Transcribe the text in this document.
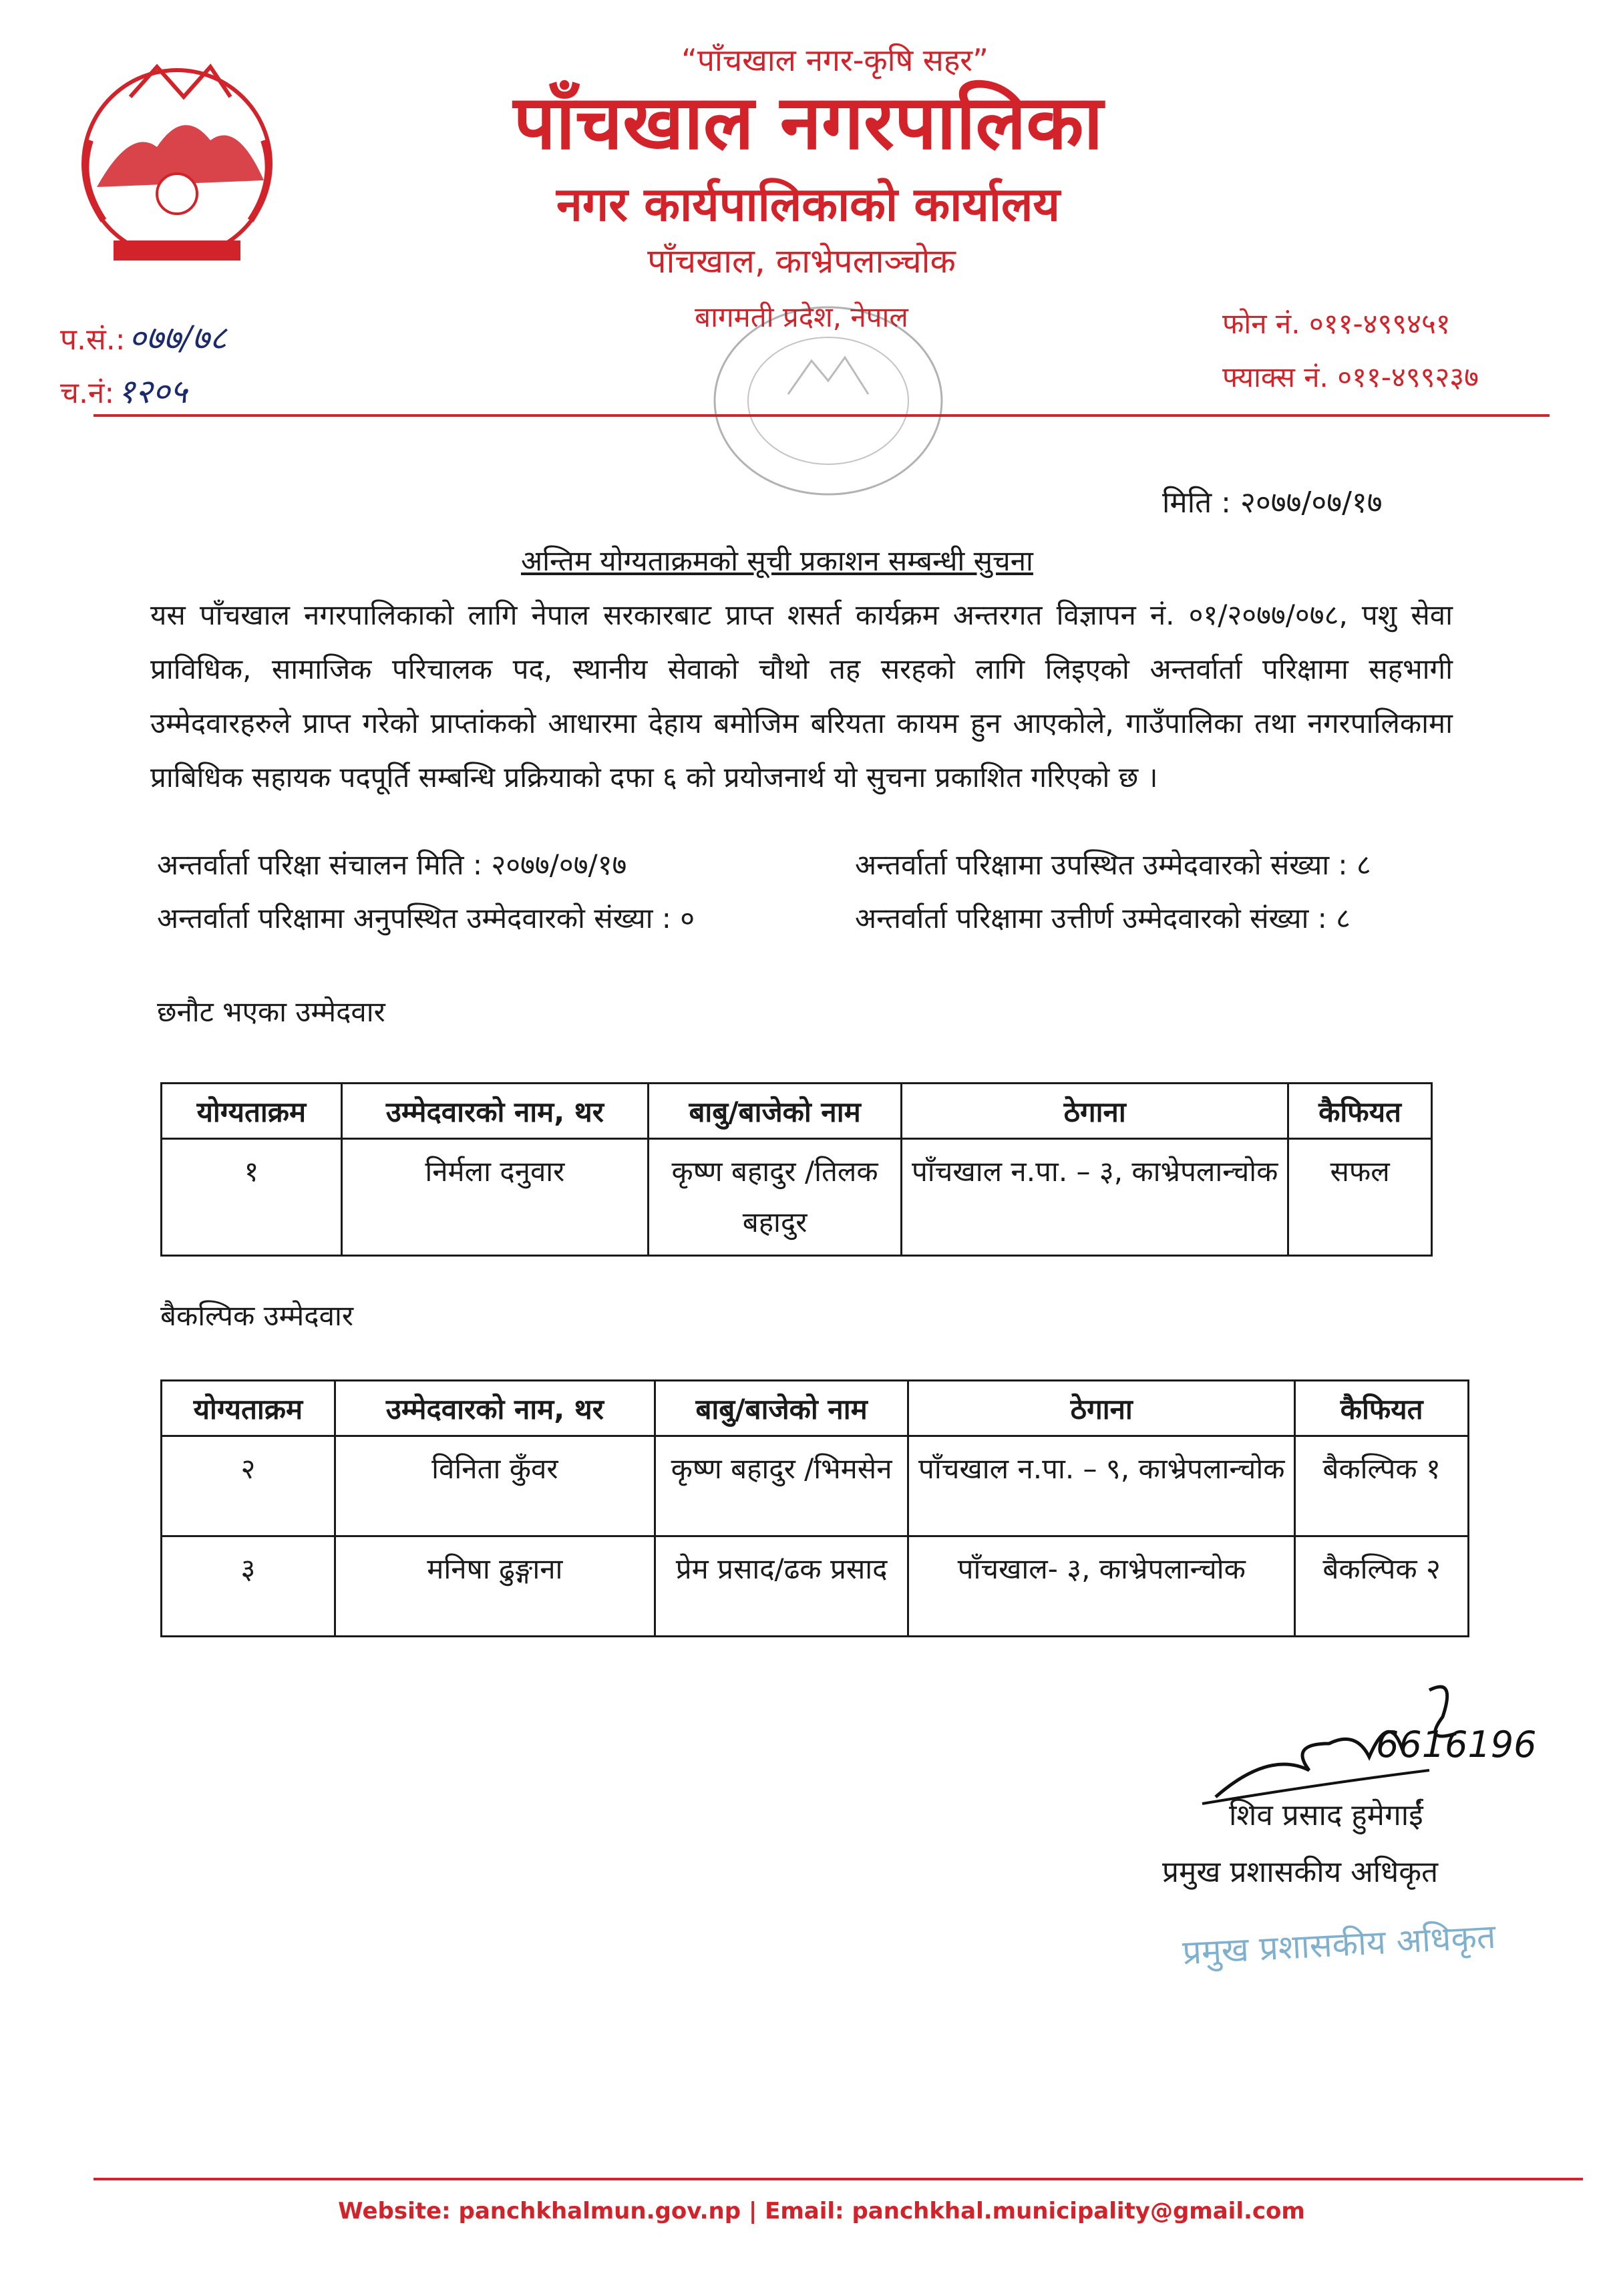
“पाँचखाल नगर-कृषि सहर”
पाँचखाल नगरपालिका
नगर कार्यपालिकाको कार्यालय
पाँचखाल, काभ्रेपलाञ्चोक
बागमती प्रदेश, नेपाल
प.सं.: ०७७/७८
च.नं: १२०५
फोन नं. ०११-४९९४५१
फ्याक्स नं. ०११-४९९२३७
मिति : २०७७/०७/१७
अन्तिम योग्यताक्रमको सूची प्रकाशन सम्बन्धी सुचना
यस पाँचखाल नगरपालिकाको लागि नेपाल सरकारबाट प्राप्त शसर्त कार्यक्रम अन्तरगत विज्ञापन नं. ०१/२०७७/०७८, पशु सेवा प्राविधिक, सामाजिक परिचालक पद, स्थानीय सेवाको चौथो तह सरहको लागि लिइएको अन्तर्वार्ता परिक्षामा सहभागी उम्मेदवारहरुले प्राप्त गरेको प्राप्तांकको आधारमा देहाय बमोजिम बरियता कायम हुन आएकोले, गाउँपालिका तथा नगरपालिकामा प्राबिधिक सहायक पदपूर्ति सम्बन्धि प्रक्रियाको दफा ६ को प्रयोजनार्थ यो सुचना प्रकाशित गरिएको छ ।
अन्तर्वार्ता परिक्षा संचालन मिति : २०७७/०७/१७	अन्तर्वार्ता परिक्षामा उपस्थित उम्मेदवारको संख्या : ८
अन्तर्वार्ता परिक्षामा अनुपस्थित उम्मेदवारको संख्या : ०	अन्तर्वार्ता परिक्षामा उत्तीर्ण उम्मेदवारको संख्या : ८
छनौट भएका उम्मेदवार
योग्यताक्रम	उम्मेदवारको नाम, थर	बाबु/बाजेको नाम	ठेगाना	कैफियत
१	निर्मला दनुवार	कृष्ण बहादुर /तिलक बहादुर	पाँचखाल न.पा. – ३, काभ्रेपलान्चोक	सफल
बैकल्पिक उम्मेदवार
योग्यताक्रम	उम्मेदवारको नाम, थर	बाबु/बाजेको नाम	ठेगाना	कैफियत
२	विनिता कुँवर	कृष्ण बहादुर /भिमसेन	पाँचखाल न.पा. – ९, काभ्रेपलान्चोक	बैकल्पिक १
३	मनिषा ढुङ्गाना	प्रेम प्रसाद/ढक प्रसाद	पाँचखाल- ३, काभ्रेपलान्चोक	बैकल्पिक २
6616196
शिव प्रसाद हुमेगाईं
प्रमुख प्रशासकीय अधिकृत
प्रमुख प्रशासकीय अधिकृत
Website: panchkhalmun.gov.np | Email: panchkhal.municipality@gmail.com
